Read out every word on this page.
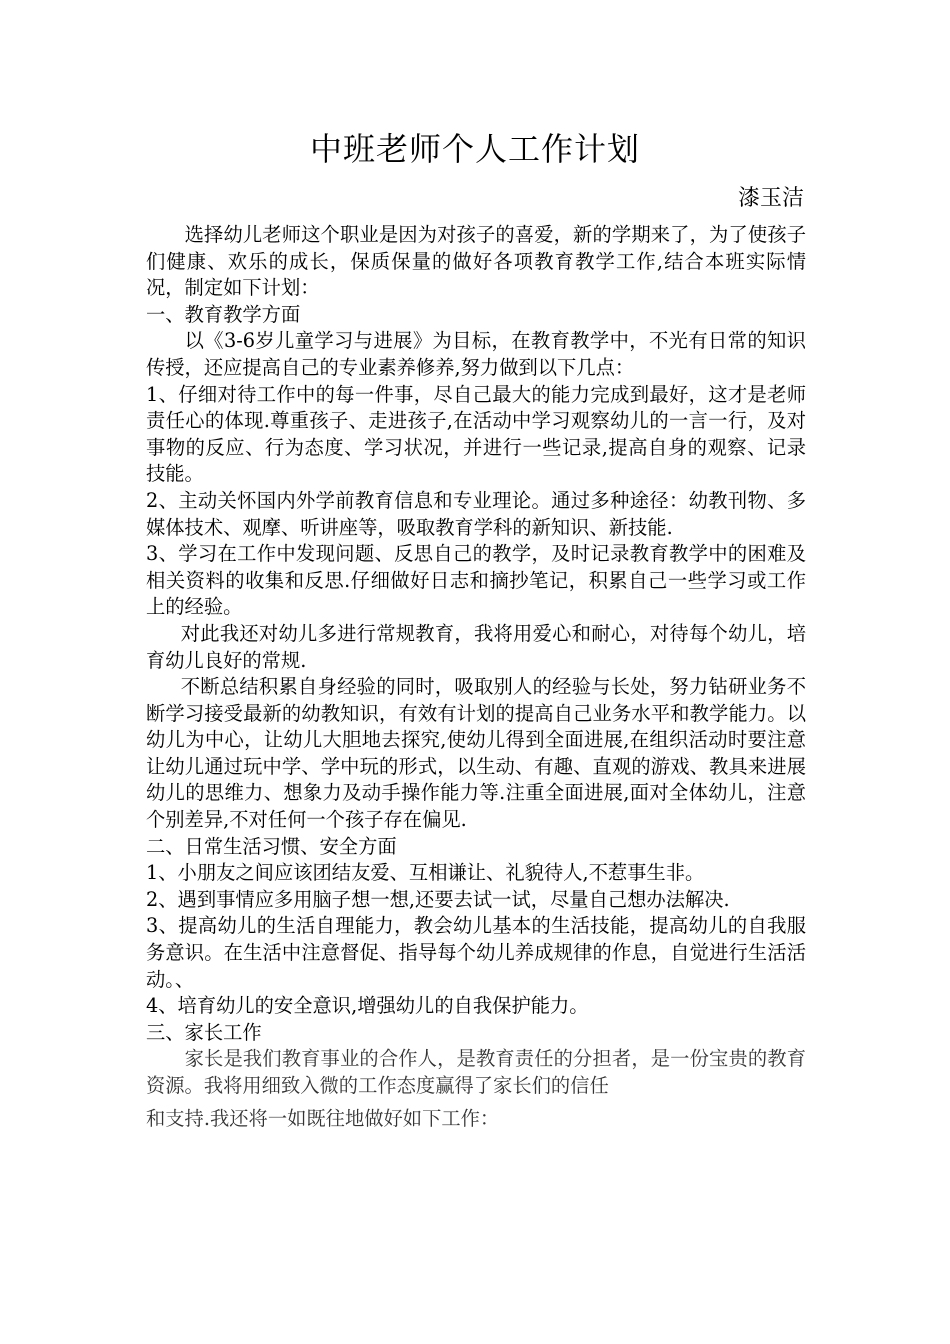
中班老师个人工作计划
漆玉洁

选择幼儿老师这个职业是因为对孩子的喜爱，新的学期来了，为了使孩子们健康、欢乐的成长，保质保量的做好各项教育教学工作,结合本班实际情况，制定如下计划：

一、教育教学方面

以《3-6岁儿童学习与进展》为目标，在教育教学中，不光有日常的知识传授，还应提高自己的专业素养修养,努力做到以下几点：

1、仔细对待工作中的每一件事，尽自己最大的能力完成到最好，这才是老师责任心的体现.尊重孩子、走进孩子,在活动中学习观察幼儿的一言一行，及对事物的反应、行为态度、学习状况，并进行一些记录,提高自身的观察、记录技能。

2、主动关怀国内外学前教育信息和专业理论。通过多种途径：幼教刊物、多媒体技术、观摩、听讲座等，吸取教育学科的新知识、新技能.

3、学习在工作中发现问题、反思自己的教学，及时记录教育教学中的困难及相关资料的收集和反思.仔细做好日志和摘抄笔记，积累自己一些学习或工作上的经验。

对此我还对幼儿多进行常规教育，我将用爱心和耐心，对待每个幼儿，培育幼儿良好的常规.

不断总结积累自身经验的同时，吸取别人的经验与长处，努力钻研业务不断学习接受最新的幼教知识，有效有计划的提高自己业务水平和教学能力。以幼儿为中心，让幼儿大胆地去探究,使幼儿得到全面进展,在组织活动时要注意让幼儿通过玩中学、学中玩的形式，以生动、有趣、直观的游戏、教具来进展幼儿的思维力、想象力及动手操作能力等.注重全面进展,面对全体幼儿，注意个别差异,不对任何一个孩子存在偏见.

二、日常生活习惯、安全方面

1、小朋友之间应该团结友爱、互相谦让、礼貌待人,不惹事生非。

2、遇到事情应多用脑子想一想,还要去试一试，尽量自己想办法解决.

3、提高幼儿的生活自理能力，教会幼儿基本的生活技能，提高幼儿的自我服务意识。在生活中注意督促、指导每个幼儿养成规律的作息，自觉进行生活活动。、

4、培育幼儿的安全意识,增强幼儿的自我保护能力。

三、家长工作

家长是我们教育事业的合作人，是教育责任的分担者，是一份宝贵的教育资源。我将用细致入微的工作态度赢得了家长们的信任

和支持.我还将一如既往地做好如下工作：
